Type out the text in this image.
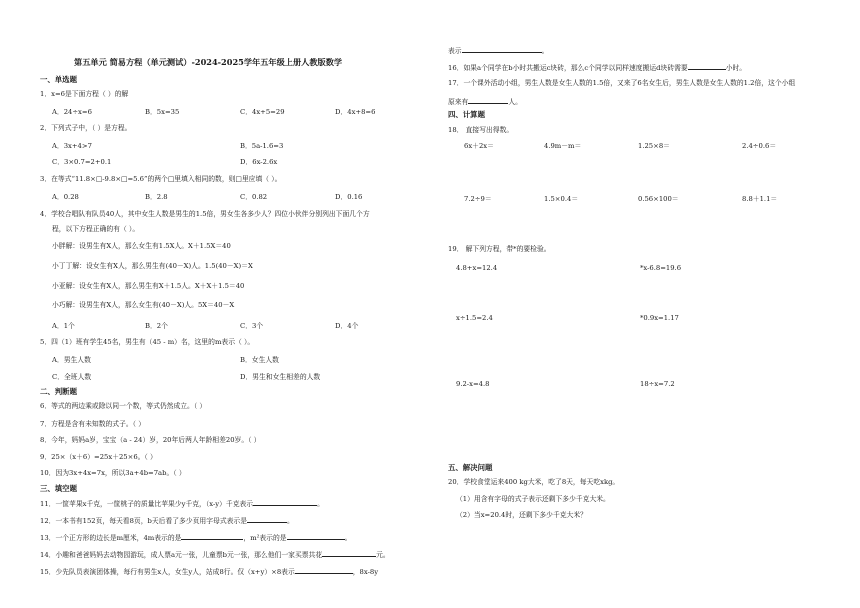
第五单元 简易方程（单元测试）-2024-2025学年五年级上册人教版数学
一、单选题
1．x=6是下面方程（ ）的解
A．24÷x=6	B．5x=35	C．4x+5=29	D．4x+8=6
2．下列式子中，（ ）是方程。
A．3x+4>7	B．5a-1.6=3
C．3×0.7=2+0.1	D．6x-2.6x
3．在等式“11.8×□-9.8×□=5.6”的两个□里填入相同的数，则□里应填（ ）。
A．0.28	B．2.8	C．0.82	D．0.16
4．学校合唱队有队员40人，其中女生人数是男生的1.5倍，男女生各多少人？四位小伙伴分别列出下面几个方
程，以下方程正确的有（ ）。
小胖解：设男生有X人，那么女生有1.5X人。X＋1.5X＝40
小丁丁解：设女生有X人，那么男生有(40－X)人。1.5(40－X)＝X
小亚解：设女生有X人，那么男生有X＋1.5人。X＋X＋1.5＝40
小巧解：设男生有X人，那么女生有(40－X)人。5X＝40－X
A．1个	B．2个	C．3个	D．4个
5．四（1）班有学生45名，男生有（45 - m）名，这里的m表示（ ）。
A．男生人数	B．女生人数
C．全班人数	D．男生和女生相差的人数
二、判断题
6．等式的两边乘或除以同一个数，等式仍然成立。（ ）
7．方程是含有未知数的式子。（ ）
8．今年，妈妈a岁，宝宝（a - 24）岁，20年后两人年龄相差20岁。（ ）
9．25×（x＋6）=25x＋25×6。（ ）
10．因为3x+4x=7x，所以3a+4b=7ab。（ ）
三、填空题
11．一筐苹果x千克，一筐桃子的质量比苹果少y千克，（x-y）千克表示	。
12．一本书有152页，每天看8页，b天后看了多少页用字母式表示是	。
13．一个正方形的边长是m厘米，4m表示的是	，m²表示的是	。
14．小趣和爸爸妈妈去动物园游玩，成人票a元一张，儿童票b元一张，那么他们一家买票共花	元。
15．少先队员表演团体操，每行有男生x人，女生y人，站成8行。仅（x+y）×8表示	，8x-8y
表示	。
16．如果a个同学在b小时共搬运c块砖，那么c个同学以同样速度搬运d块砖需要	小时。
17．一个课外活动小组，男生人数是女生人数的1.5倍，又来了6名女生后，男生人数是女生人数的1.2倍，这个小组
原来有	人。
四、计算题
18． 直接写出得数。
6x＋2x＝	4.9m－m＝	1.25×8＝	2.4÷0.6＝
7.2÷9＝	1.5×0.4＝	0.56×100＝	8.8＋1.1＝
19． 解下列方程，带*的要检验。
4.8+x=12.4	*x-6.8=19.6
x÷1.5=2.4	*0.9x=1.17
9.2-x=4.8	18÷x=7.2
五、解决问题
20．学校食堂运来400 kg大米，吃了8天，每天吃xkg。
（1）用含有字母的式子表示还剩下多少千克大米。
（2）当x=20.4时，还剩下多少千克大米？
